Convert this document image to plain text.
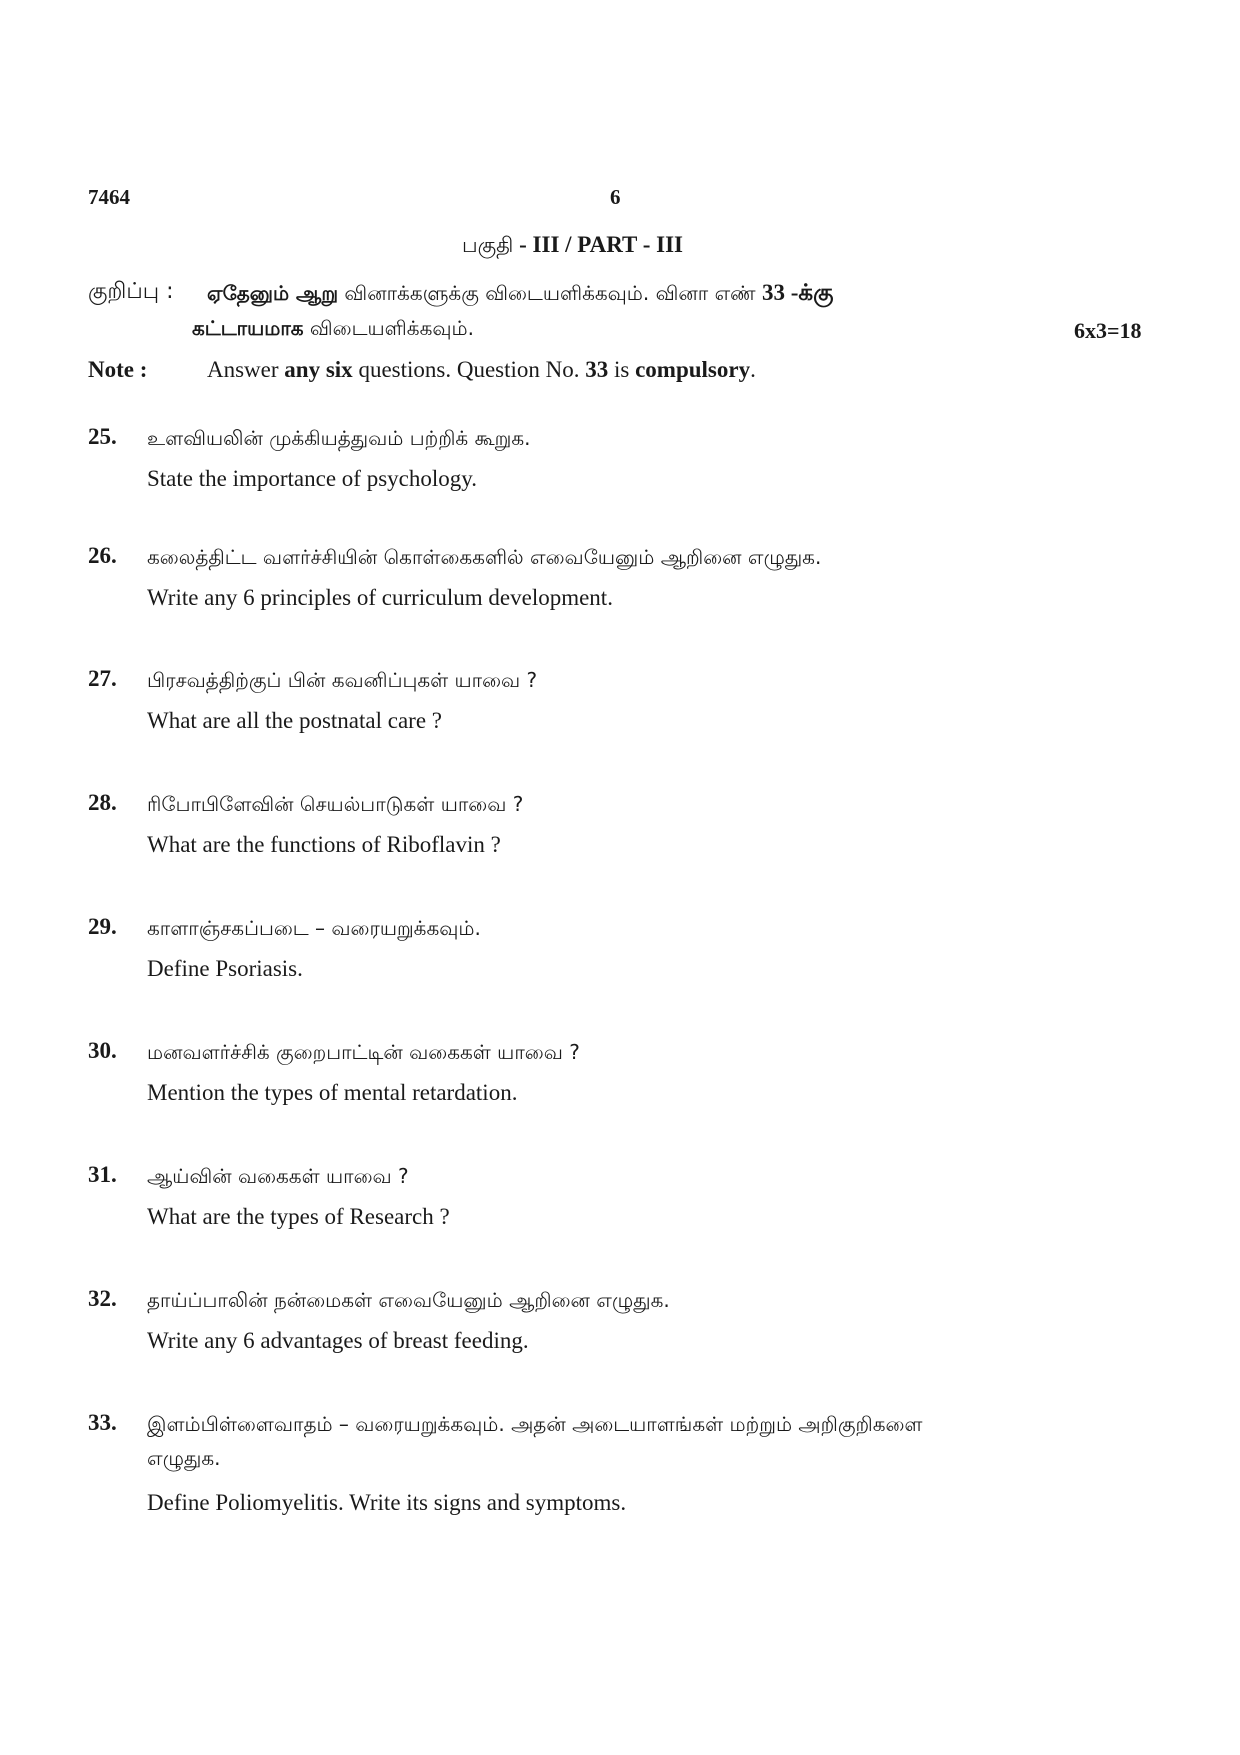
7464	6
பகுதி - III / PART - III
குறிப்பு : ஏதேனும் ஆறு வினாக்களுக்கு விடையளிக்கவும். வினா எண் 33 -க்கு
கட்டாயமாக விடையளிக்கவும்.	6x3=18
Note :	Answer any six questions. Question No. 33 is compulsory.
25. உளவியலின் முக்கியத்துவம் பற்றிக் கூறுக.
State the importance of psychology.
26. கலைத்திட்ட வளர்ச்சியின் கொள்கைகளில் எவையேனும் ஆறினை எழுதுக.
Write any 6 principles of curriculum development.
27. பிரசவத்திற்குப் பின் கவனிப்புகள் யாவை ?
What are all the postnatal care ?
28. ரிபோபிளேவின் செயல்பாடுகள் யாவை ?
What are the functions of Riboflavin ?
29. காளாஞ்சகப்படை – வரையறுக்கவும்.
Define Psoriasis.
30. மனவளர்ச்சிக் குறைபாட்டின் வகைகள் யாவை ?
Mention the types of mental retardation.
31. ஆய்வின் வகைகள் யாவை ?
What are the types of Research ?
32. தாய்ப்பாலின் நன்மைகள் எவையேனும் ஆறினை எழுதுக.
Write any 6 advantages of breast feeding.
33. இளம்பிள்ளைவாதம் – வரையறுக்கவும். அதன் அடையாளங்கள் மற்றும் அறிகுறிகளை
எழுதுக.
Define Poliomyelitis. Write its signs and symptoms.
